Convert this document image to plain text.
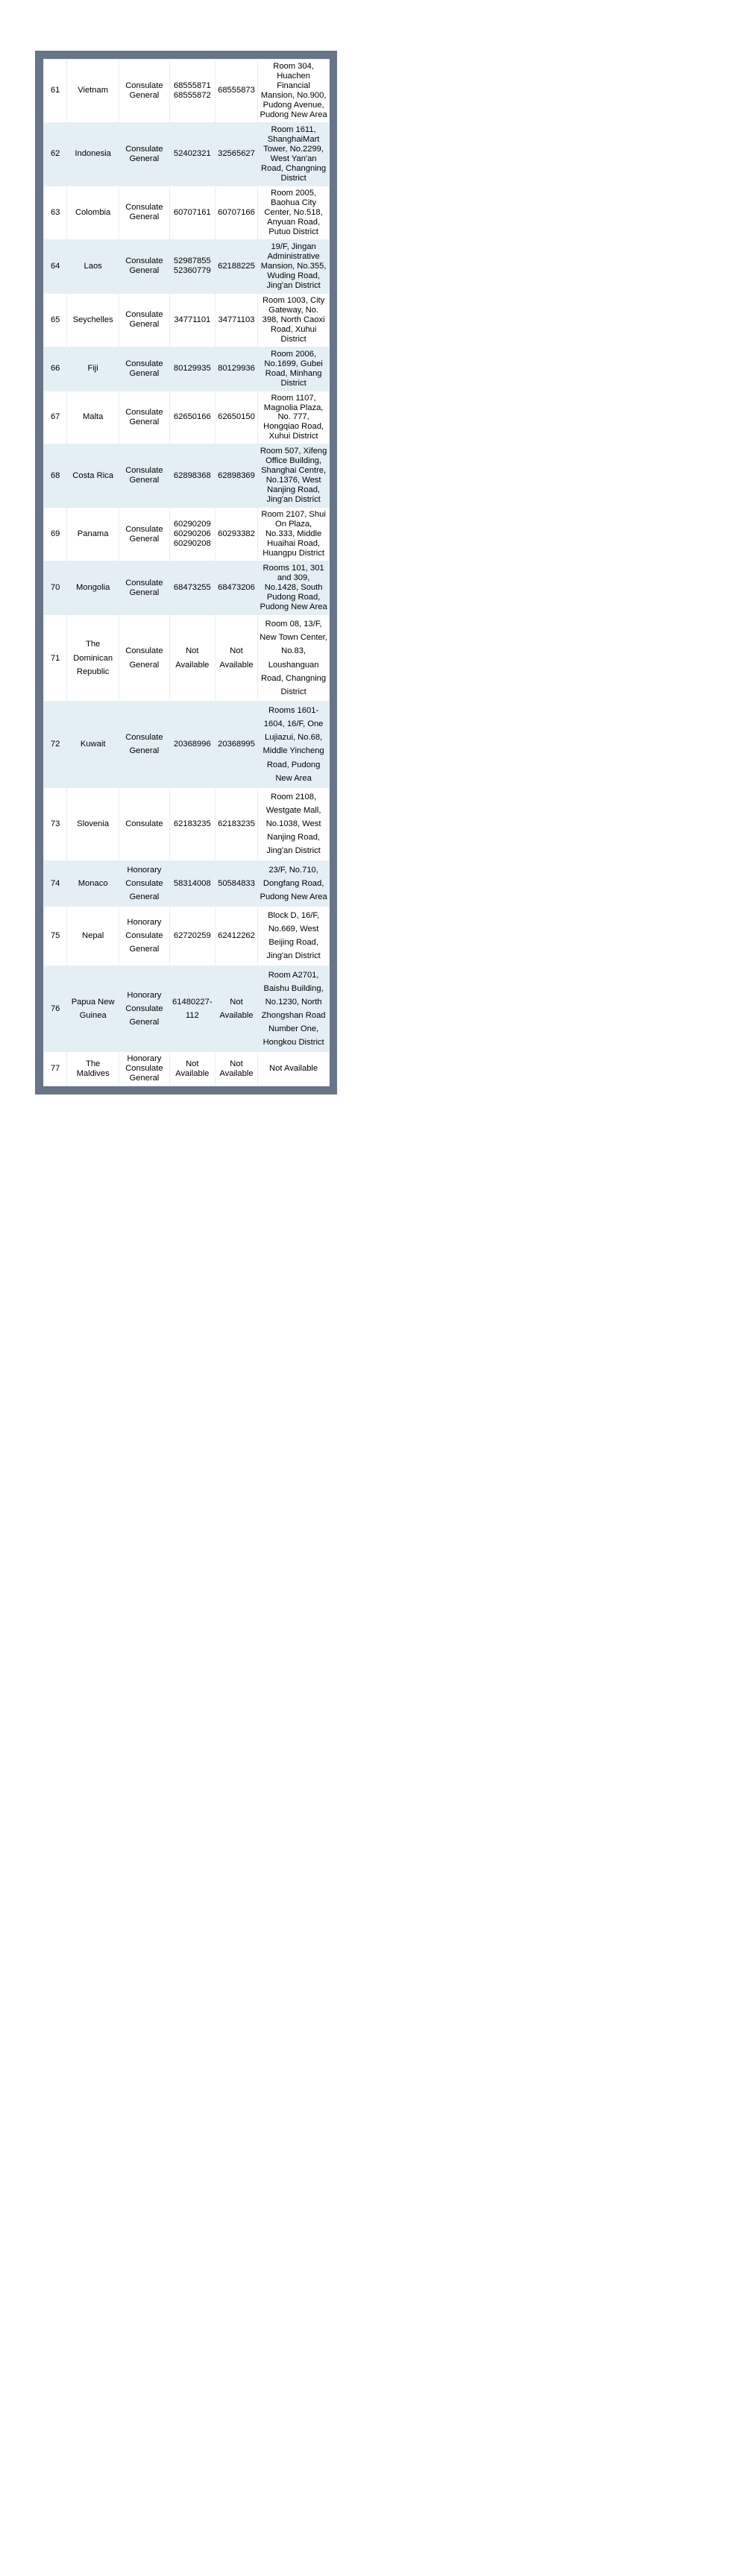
61	Vietnam	Consulate General	68555871 68555872	68555873	Room 304, Huachen Financial Mansion, No.900, Pudong Avenue, Pudong New Area
62	Indonesia	Consulate General	52402321	32565627	Room 1611, ShanghaiMart Tower, No.2299, West Yan'an Road, Changning District
63	Colombia	Consulate General	60707161	60707166	Room 2005, Baohua City Center, No.518, Anyuan Road, Putuo District
64	Laos	Consulate General	52987855 52360779	62188225	19/F, Jingan Administrative Mansion, No.355, Wuding Road, Jing'an District
65	Seychelles	Consulate General	34771101	34771103	Room 1003, City Gateway, No. 398, North Caoxi Road, Xuhui District
66	Fiji	Consulate General	80129935	80129936	Room 2006, No.1699, Gubei Road, Minhang District
67	Malta	Consulate General	62650166	62650150	Room 1107, Magnolia Plaza, No. 777, Hongqiao Road, Xuhui District
68	Costa Rica	Consulate General	62898368	62898369	Room 507, Xifeng Office Building, Shanghai Centre, No.1376, West Nanjing Road, Jing'an District
69	Panama	Consulate General	60290209 60290206 60290208	60293382	Room 2107, Shui On Plaza, No.333, Middle Huaihai Road, Huangpu District
70	Mongolia	Consulate General	68473255	68473206	Rooms 101, 301 and 309, No.1428, South Pudong Road, Pudong New Area
71	The Dominican Republic	Consulate General	Not Available	Not Available	Room 08, 13/F, New Town Center, No.83, Loushanguan Road, Changning District
72	Kuwait	Consulate General	20368996	20368995	Rooms 1601-1604, 16/F, One Lujiazui, No.68, Middle Yincheng Road, Pudong New Area
73	Slovenia	Consulate	62183235	62183235	Room 2108, Westgate Mall, No.1038, West Nanjing Road, Jing'an District
74	Monaco	Honorary Consulate General	58314008	50584833	23/F, No.710, Dongfang Road, Pudong New Area
75	Nepal	Honorary Consulate General	62720259	62412262	Block D, 16/F, No.669, West Beijing Road, Jing'an District
76	Papua New Guinea	Honorary Consulate General	61480227-112	Not Available	Room A2701, Baishu Building, No.1230, North Zhongshan Road Number One, Hongkou District
77	The Maldives	Honorary Consulate General	Not Available	Not Available	Not Available
